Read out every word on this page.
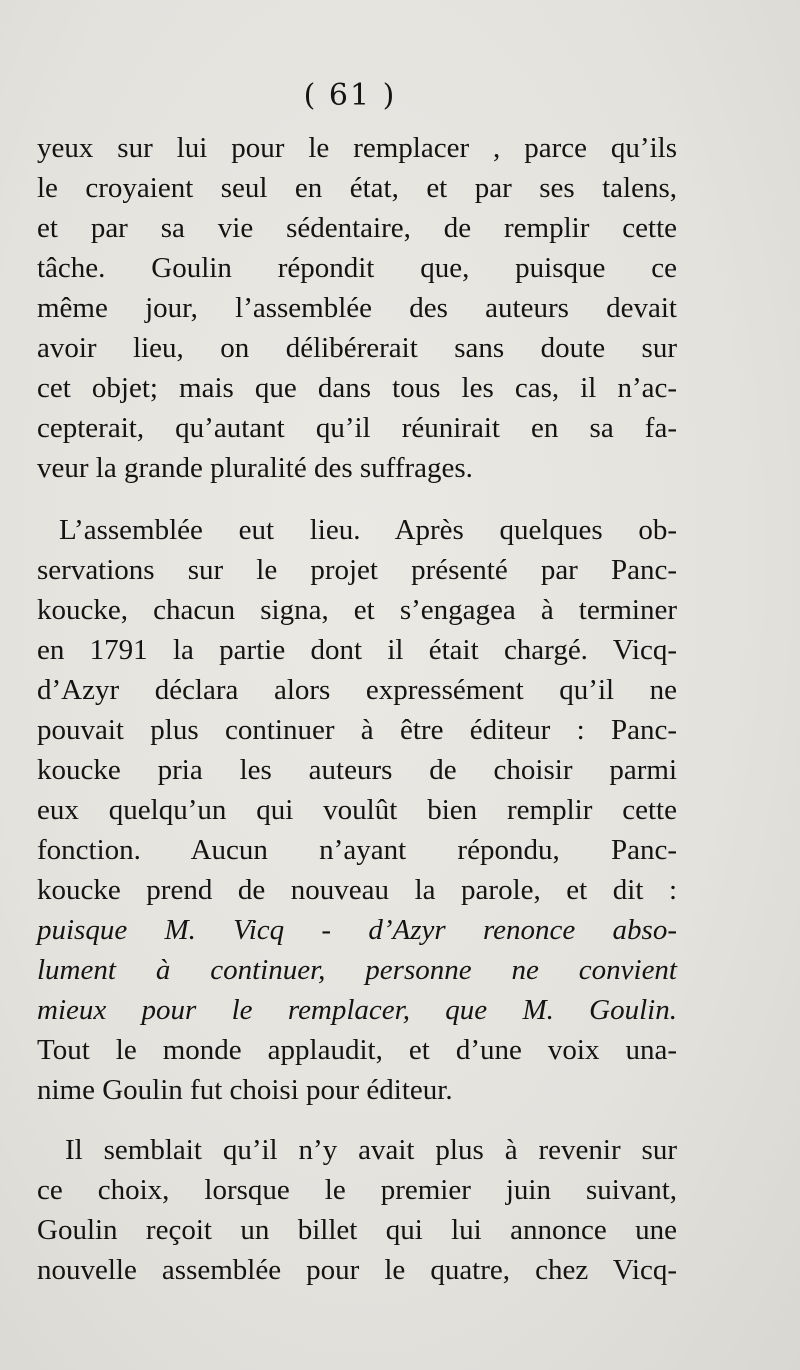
( 61 )
yeux sur lui pour le remplacer , parce qu’ils
le croyaient seul en état, et par ses talens,
et par sa vie sédentaire, de remplir cette
tâche. Goulin répondit que, puisque ce
même jour, l’assemblée des auteurs devait
avoir lieu, on délibérerait sans doute sur
cet objet; mais que dans tous les cas, il n’ac-
cepterait, qu’autant qu’il réunirait en sa fa-
veur la grande pluralité des suffrages.
L’assemblée eut lieu. Après quelques ob-
servations sur le projet présenté par Panc-
koucke, chacun signa, et s’engagea à terminer
en 1791 la partie dont il était chargé. Vicq-
d’Azyr déclara alors expressément qu’il ne
pouvait plus continuer à être éditeur : Panc-
koucke pria les auteurs de choisir parmi
eux quelqu’un qui voulût bien remplir cette
fonction. Aucun n’ayant répondu, Panc-
koucke prend de nouveau la parole, et dit :
puisque M. Vicq - d’Azyr renonce abso-
lument à continuer, personne ne convient
mieux pour le remplacer, que M. Goulin.
Tout le monde applaudit, et d’une voix una-
nime Goulin fut choisi pour éditeur.
Il semblait qu’il n’y avait plus à revenir sur
ce choix, lorsque le premier juin suivant,
Goulin reçoit un billet qui lui annonce une
nouvelle assemblée pour le quatre, chez Vicq-
